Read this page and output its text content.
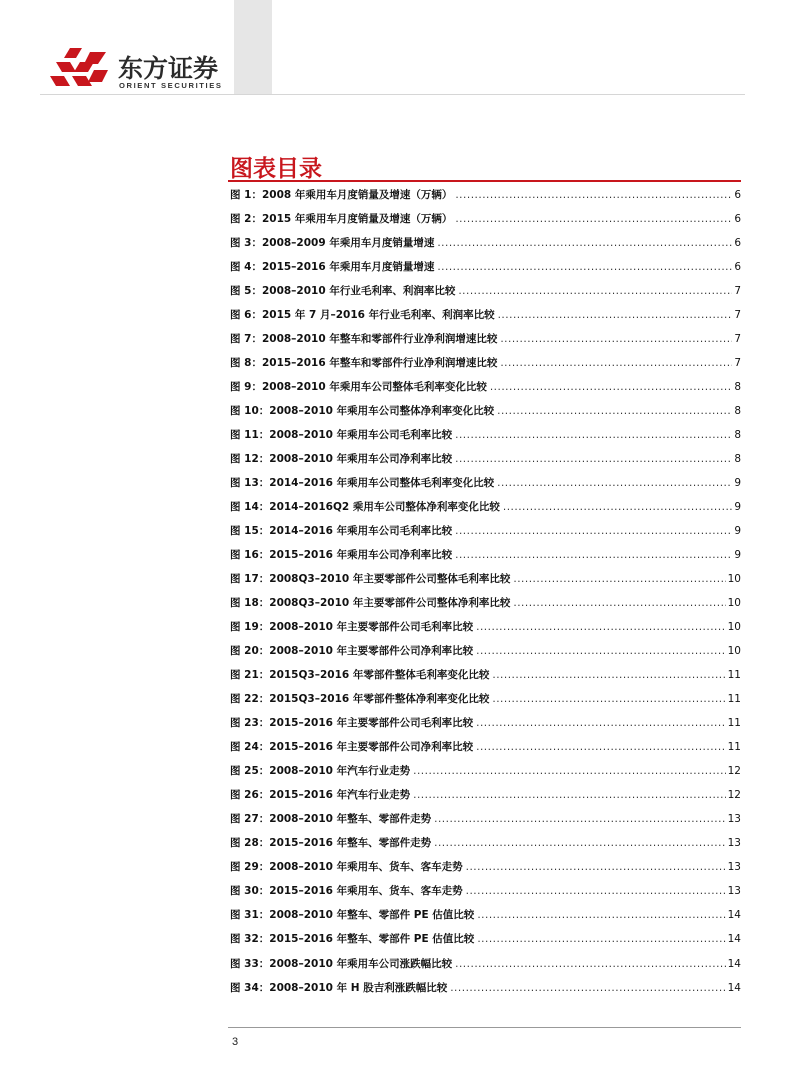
东方证券
ORIENT SECURITIES
图表目录
图 1：2008 年乘用车月度销量及增速（万辆） .....	6
图 2：2015 年乘用车月度销量及增速（万辆） .....	6
图 3：2008–2009 年乘用车月度销量增速 .....	6
图 4：2015–2016 年乘用车月度销量增速 .....	6
图 5：2008–2010 年行业毛利率、利润率比较 .....	7
图 6：2015 年 7 月–2016 年行业毛利率、利润率比较 .....	7
图 7：2008–2010 年整车和零部件行业净利润增速比较 .....	7
图 8：2015–2016 年整车和零部件行业净利润增速比较 .....	7
图 9：2008–2010 年乘用车公司整体毛利率变化比较 .....	8
图 10：2008–2010 年乘用车公司整体净利率变化比较 .....	8
图 11：2008–2010 年乘用车公司毛利率比较 .....	8
图 12：2008–2010 年乘用车公司净利率比较 .....	8
图 13：2014–2016 年乘用车公司整体毛利率变化比较 .....	9
图 14：2014–2016Q2 乘用车公司整体净利率变化比较 .....	9
图 15：2014–2016 年乘用车公司毛利率比较 .....	9
图 16：2015–2016 年乘用车公司净利率比较 .....	9
图 17：2008Q3–2010 年主要零部件公司整体毛利率比较 .....	10
图 18：2008Q3–2010 年主要零部件公司整体净利率比较 .....	10
图 19：2008–2010 年主要零部件公司毛利率比较 .....	10
图 20：2008–2010 年主要零部件公司净利率比较 .....	10
图 21：2015Q3–2016 年零部件整体毛利率变化比较 .....	11
图 22：2015Q3–2016 年零部件整体净利率变化比较 .....	11
图 23：2015–2016 年主要零部件公司毛利率比较 .....	11
图 24：2015–2016 年主要零部件公司净利率比较 .....	11
图 25：2008–2010 年汽车行业走势 .....	12
图 26：2015–2016 年汽车行业走势 .....	12
图 27：2008–2010 年整车、零部件走势 .....	13
图 28：2015–2016 年整车、零部件走势 .....	13
图 29：2008–2010 年乘用车、货车、客车走势 .....	13
图 30：2015–2016 年乘用车、货车、客车走势 .....	13
图 31：2008–2010 年整车、零部件 PE 估值比较 .....	14
图 32：2015–2016 年整车、零部件 PE 估值比较 .....	14
图 33：2008–2010 年乘用车公司涨跌幅比较 .....	14
图 34：2008–2010 年 H 股吉利涨跌幅比较 .....	14
3
